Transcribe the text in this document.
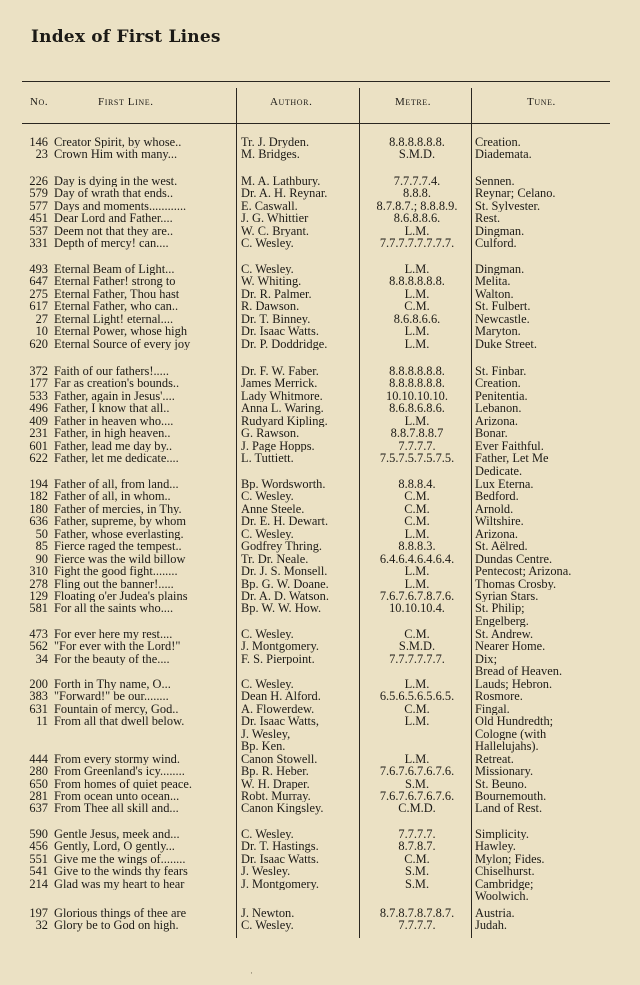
Index of First Lines
No.	First Line.	Author.	Metre.	Tune.
146 Creator Spirit, by whose..	Tr. J. Dryden.	8.8.8.8.8.8.	Creation.
23 Crown Him with many...	M. Bridges.	S.M.D.	Diademata.
226 Day is dying in the west.	M. A. Lathbury.	7.7.7.7.4.	Sennen.
579 Day of wrath that ends..	Dr. A. H. Reynar.	8.8.8.	Reynar; Celano.
577 Days and moments............	E. Caswall.	8.7.8.7.; 8.8.8.9.	St. Sylvester.
451 Dear Lord and Father....	J. G. Whittier	8.6.8.8.6.	Rest.
537 Deem not that they are..	W. C. Bryant.	L.M.	Dingman.
331 Depth of mercy! can....	C. Wesley.	7.7.7.7.7.7.7.7.	Culford.
493 Eternal Beam of Light...	C. Wesley.	L.M.	Dingman.
647 Eternal Father! strong to	W. Whiting.	8.8.8.8.8.8.	Melita.
275 Eternal Father, Thou hast	Dr. R. Palmer.	L.M.	Walton.
617 Eternal Father, who can..	R. Dawson.	C.M.	St. Fulbert.
27 Eternal Light! eternal....	Dr. T. Binney.	8.6.8.6.6.	Newcastle.
10 Eternal Power, whose high	Dr. Isaac Watts.	L.M.	Maryton.
620 Eternal Source of every joy	Dr. P. Doddridge.	L.M.	Duke Street.
372 Faith of our fathers!.....	Dr. F. W. Faber.	8.8.8.8.8.8.	St. Finbar.
177 Far as creation's bounds..	James Merrick.	8.8.8.8.8.8.	Creation.
533 Father, again in Jesus'....	Lady Whitmore.	10.10.10.10.	Penitentia.
496 Father, I know that all..	Anna L. Waring.	8.6.8.6.8.6.	Lebanon.
409 Father in heaven who....	Rudyard Kipling.	L.M.	Arizona.
231 Father, in high heaven..	G. Rawson.	8.8.7.8.8.7	Bonar.
601 Father, lead me day by..	J. Page Hopps.	7.7.7.7.	Ever Faithful.
622 Father, let me dedicate....	L. Tuttiett.	7.5.7.5.7.5.7.5.	Father, Let Me
Dedicate.
194 Father of all, from land...	Bp. Wordsworth.	8.8.8.4.	Lux Eterna.
182 Father of all, in whom..	C. Wesley.	C.M.	Bedford.
180 Father of mercies, in Thy.	Anne Steele.	C.M.	Arnold.
636 Father, supreme, by whom	Dr. E. H. Dewart.	C.M.	Wiltshire.
50 Father, whose everlasting.	C. Wesley.	L.M.	Arizona.
85 Fierce raged the tempest..	Godfrey Thring.	8.8.8.3.	St. Aëlred.
90 Fierce was the wild billow	Tr. Dr. Neale.	6.4.6.4.6.4.6.4.	Dundas Centre.
310 Fight the good fight........	Dr. J. S. Monsell.	L.M.	Pentecost; Arizona.
278 Fling out the banner!.....	Bp. G. W. Doane.	L.M.	Thomas Crosby.
129 Floating o'er Judea's plains	Dr. A. D. Watson.	7.6.7.6.7.8.7.6.	Syrian Stars.
581 For all the saints who....	Bp. W. W. How.	10.10.10.4.	St. Philip;
Engelberg.
473 For ever here my rest....	C. Wesley.	C.M.	St. Andrew.
562 "For ever with the Lord!"	J. Montgomery.	S.M.D.	Nearer Home.
34 For the beauty of the....	F. S. Pierpoint.	7.7.7.7.7.7.	Dix;
Bread of Heaven.
200 Forth in Thy name, O...	C. Wesley.	L.M.	Lauds; Hebron.
383 "Forward!" be our........	Dean H. Alford.	6.5.6.5.6.5.6.5.	Rosmore.
631 Fountain of mercy, God..	A. Flowerdew.	C.M.	Fingal.
11 From all that dwell below.	Dr. Isaac Watts,	L.M.	Old Hundredth;
J. Wesley,	Cologne (with
Bp. Ken.	Hallelujahs).
444 From every stormy wind.	Canon Stowell.	L.M.	Retreat.
280 From Greenland's icy........	Bp. R. Heber.	7.6.7.6.7.6.7.6.	Missionary.
650 From homes of quiet peace.	W. H. Draper.	S.M.	St. Beuno.
281 From ocean unto ocean...	Robt. Murray.	7.6.7.6.7.6.7.6.	Bournemouth.
637 From Thee all skill and...	Canon Kingsley.	C.M.D.	Land of Rest.
590 Gentle Jesus, meek and...	C. Wesley.	7.7.7.7.	Simplicity.
456 Gently, Lord, O gently...	Dr. T. Hastings.	8.7.8.7.	Hawley.
551 Give me the wings of........	Dr. Isaac Watts.	C.M.	Mylon; Fides.
541 Give to the winds thy fears	J. Wesley.	S.M.	Chiselhurst.
214 Glad was my heart to hear	J. Montgomery.	S.M.	Cambridge;
Woolwich.
197 Glorious things of thee are	J. Newton.	8.7.8.7.8.7.8.7.	Austria.
32 Glory be to God on high.	C. Wesley.	7.7.7.7.	Judah.
·
